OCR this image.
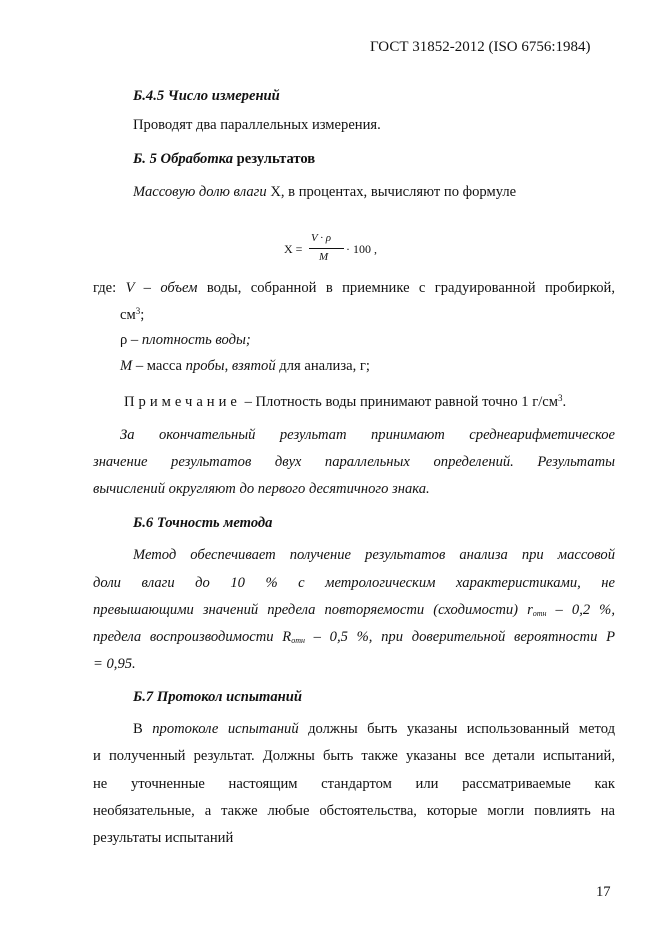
ГОСТ 31852-2012 (ISO 6756:1984)
Б.4.5 Число измерений
Проводят два параллельных измерения.
Б. 5 Обработка результатов
Массовую долю влаги X, в процентах, вычисляют по формуле
X =
V · ρ
M
· 100 ,
где: V – объем воды, собранной в приемнике с градуированной пробиркой,
$см^3$;
ρ – плотность воды;
M – масса пробы, взятой для анализа, г;
Примечание – Плотность воды принимают равной точно 1 $г/см^3$.
За окончательный результат принимают среднеарифметическое
значение результатов двух параллельных определений. Результаты
вычислений округляют до первого десятичного знака.
Б.6 Точность метода
Метод обеспечивает получение результатов анализа при массовой
доли влаги до 10 % с метрологическим характеристиками, не
превышающими значений предела повторяемости (сходимости) $r_{отн} - 0,2$ %,
предела воспроизводимости $R_{отн} - 0,5$ %, при доверительной вероятности P
= 0,95.
Б.7 Протокол испытаний
В протоколе испытаний должны быть указаны использованный метод
и полученный результат. Должны быть также указаны все детали испытаний,
не уточненные настоящим стандартом или рассматриваемые как
необязательные, а также любые обстоятельства, которые могли повлиять на
результаты испытаний
17
